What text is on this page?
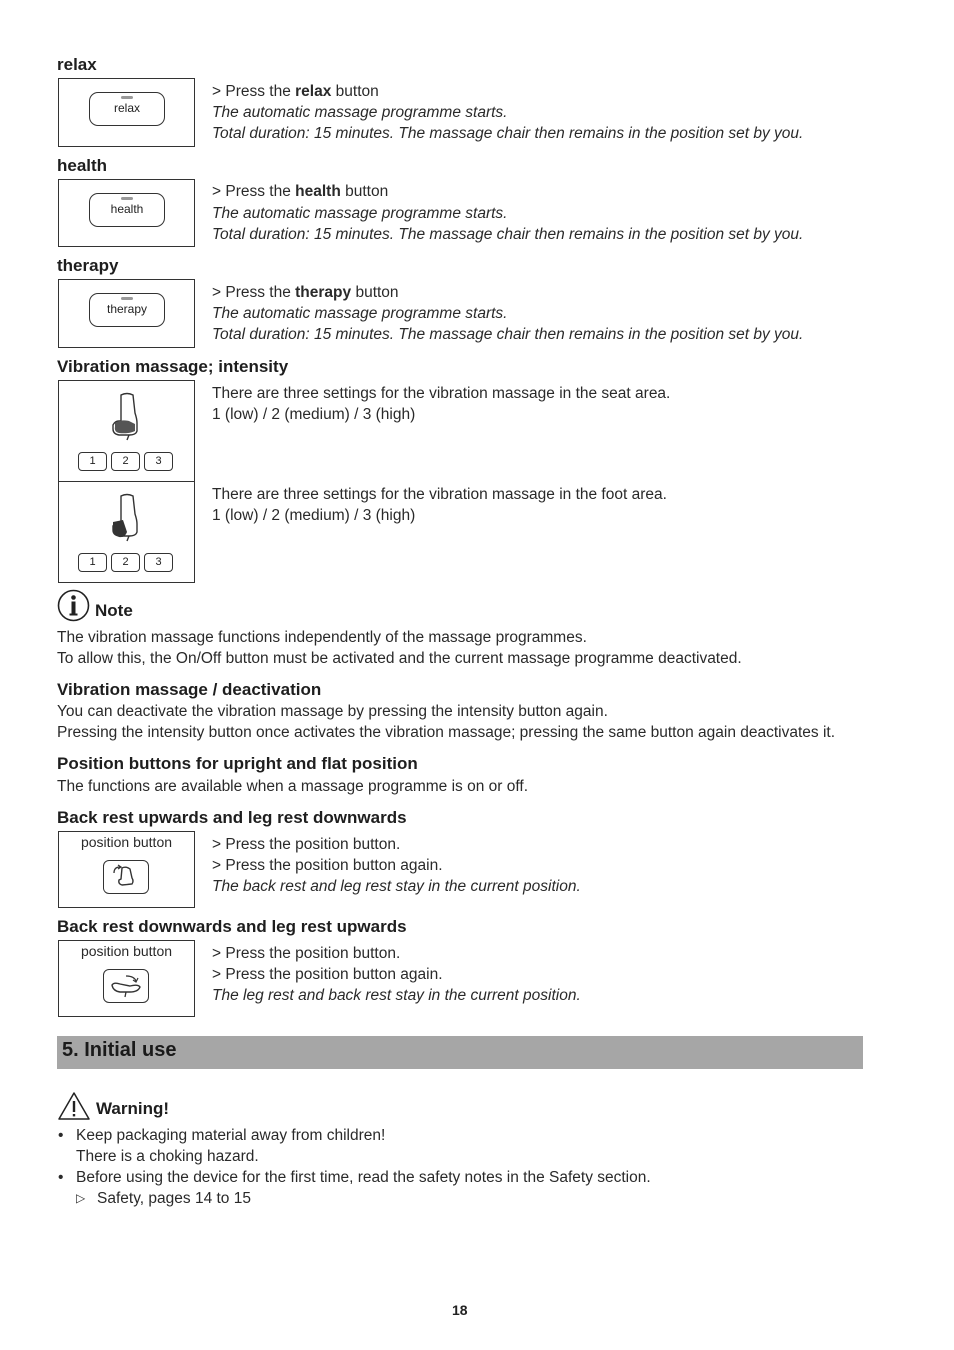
relax
relax
> Press the relax button
The automatic massage programme starts.
Total duration: 15 minutes. The massage chair then remains in the position set by you.
health
health
> Press the health button
The automatic massage programme starts.
Total duration: 15 minutes. The massage chair then remains in the position set by you.
therapy
therapy
> Press the therapy button
The automatic massage programme starts.
Total duration: 15 minutes. The massage chair then remains in the position set by you.
Vibration massage; intensity
1	2	3
1	2	3
There are three settings for the vibration massage in the seat area.
1 (low) / 2 (medium) / 3 (high)
There are three settings for the vibration massage in the foot area.
1 (low) / 2 (medium) / 3 (high)
Note
The vibration massage functions independently of the massage programmes.
To allow this, the On/Off button must be activated and the current massage programme deactivated.
Vibration massage / deactivation
You can deactivate the vibration massage by pressing the intensity button again.
Pressing the intensity button once activates the vibration massage; pressing the same button again deactivates it.
Position buttons for upright and flat position
The functions are available when a massage programme is on or off.
Back rest upwards and leg rest downwards
position button	> Press the position button.
> Press the position button again.
The back rest and leg rest stay in the current position.
Back rest downwards and leg rest upwards
position button	> Press the position button.
> Press the position button again.
The leg rest and back rest stay in the current position.
5. Initial use
Warning!
• Keep packaging material away from children!
There is a choking hazard.
• Before using the device for the first time, read the safety notes in the Safety section.
▷ Safety, pages 14 to 15
18
